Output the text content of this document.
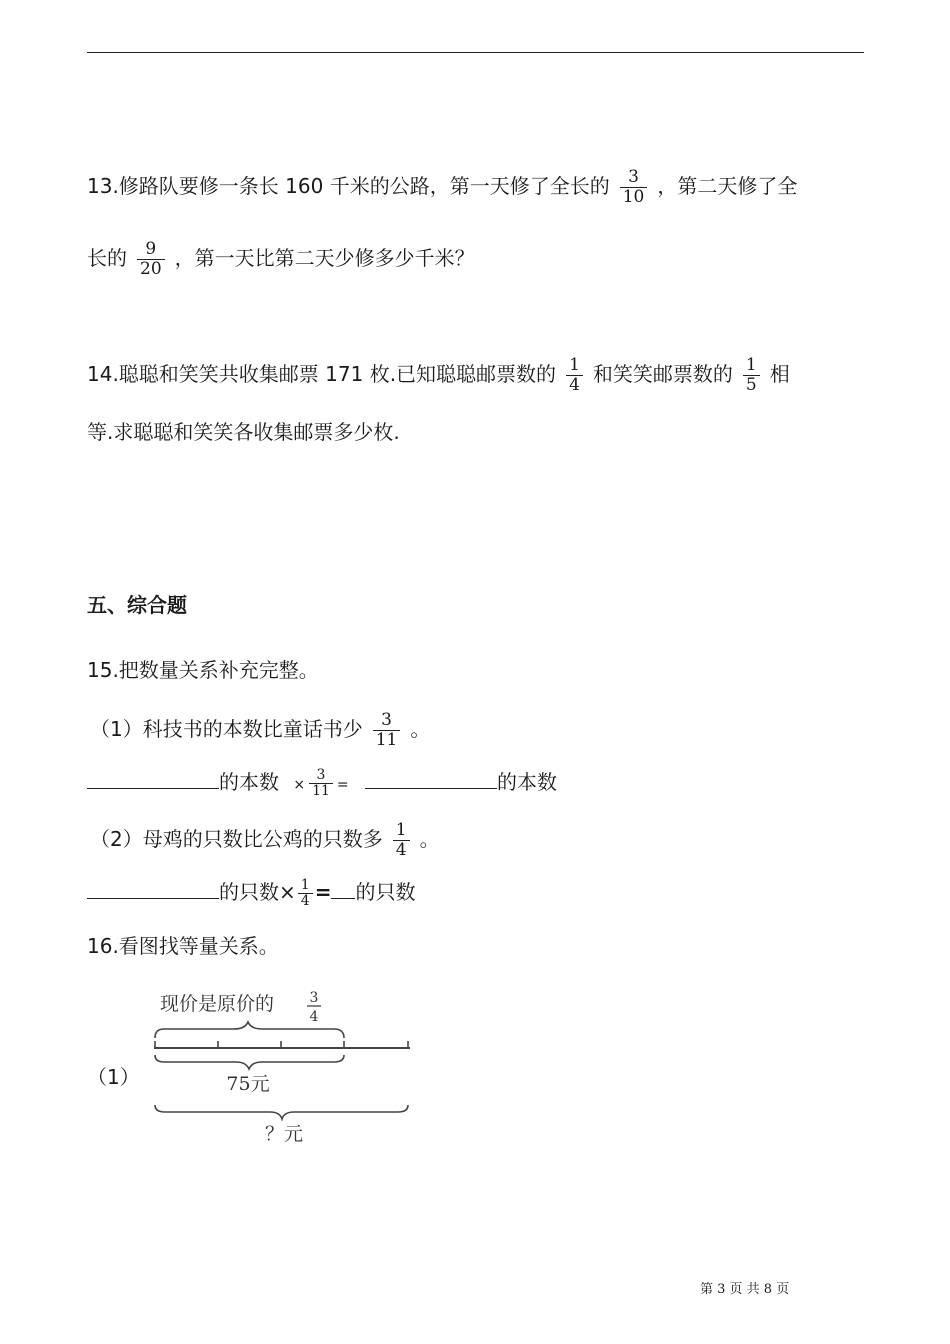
13.修路队要修一条长 160 千米的公路，第一天修了全长的 $\frac{3}{10}$ ，第二天修了全
长的 $\frac{9}{20}$ ，第一天比第二天少修多少千米？
14.聪聪和笑笑共收集邮票 171 枚.已知聪聪邮票数的 $\frac{1}{4}$ 和笑笑邮票数的 $\frac{1}{5}$ 相
等.求聪聪和笑笑各收集邮票多少枚.
五、综合题
15.把数量关系补充完整。
（1）科技书的本数比童话书少 $\frac{3}{11}$ 。
的本数 × $\frac{3}{11}$ =	的本数
（2）母鸡的只数比公鸡的只数多 $\frac{1}{4}$ 。
的只数× $\frac{1}{4}$ = 的只数
16.看图找等量关系。
（1）
现价是原价的	3
4
75元
？元
第 3 页 共 8 页
